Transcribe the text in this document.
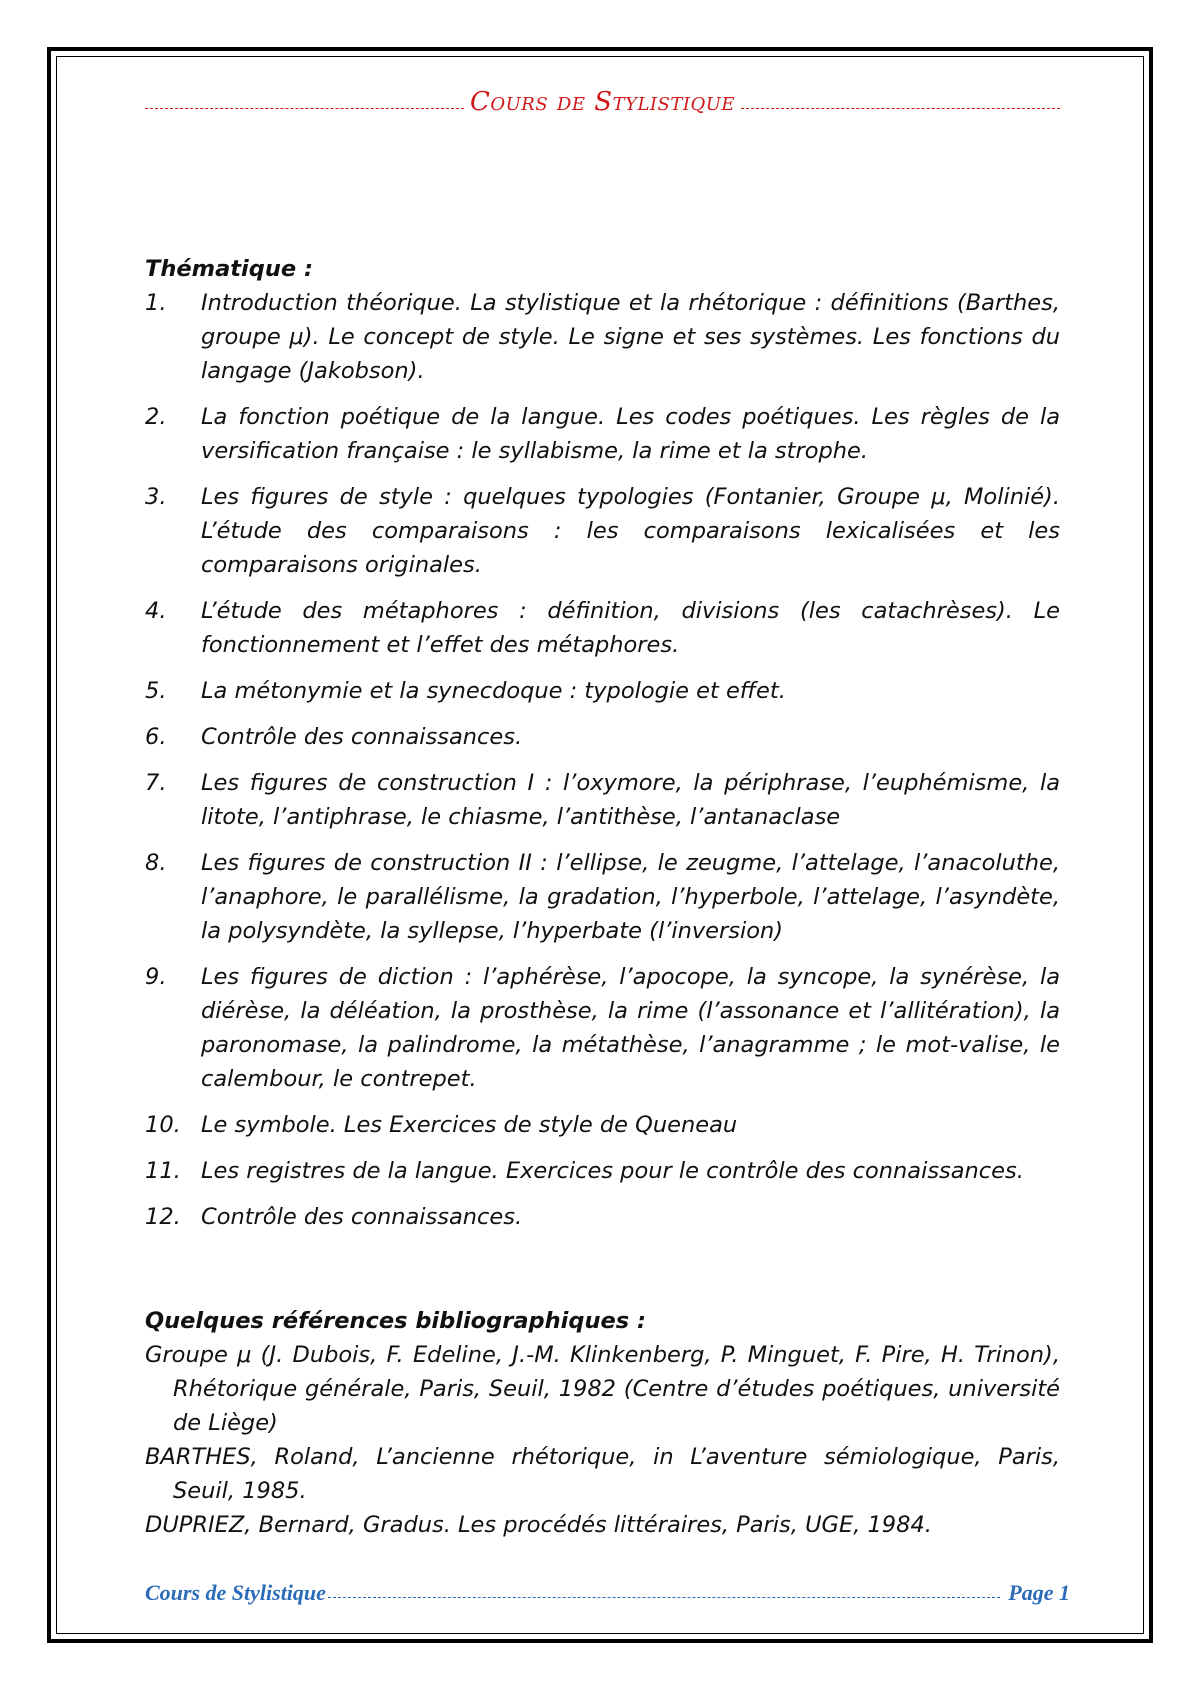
Cours de Stylistique

Thématique :

1.	Introduction théorique. La stylistique et la rhétorique : définitions (Barthes, groupe μ). Le concept de style. Le signe et ses systèmes. Les fonctions du langage (Jakobson).
2.	La fonction poétique de la langue. Les codes poétiques. Les règles de la versification française : le syllabisme, la rime et la strophe.
3.	Les figures de style : quelques typologies (Fontanier, Groupe μ, Molinié). L’étude des comparaisons : les comparaisons lexicalisées et les comparaisons originales.
4.	L’étude des métaphores : définition, divisions (les catachrèses). Le fonctionnement et l’effet des métaphores.
5.	La métonymie et la synecdoque : typologie et effet.
6.	Contrôle des connaissances.
7.	Les figures de construction I : l’oxymore, la périphrase, l’euphémisme, la litote, l’antiphrase, le chiasme, l’antithèse, l’antanaclase
8.	Les figures de construction II : l’ellipse, le zeugme, l’attelage, l’anacoluthe, l’anaphore, le parallélisme, la gradation, l’hyperbole, l’attelage, l’asyndète, la polysyndète, la syllepse, l’hyperbate (l’inversion)
9.	Les figures de diction : l’aphérèse, l’apocope, la syncope, la synérèse, la diérèse, la déléation, la prosthèse, la rime (l’assonance et l’allitération), la paronomase, la palindrome, la métathèse, l’anagramme ; le mot-valise, le calembour, le contrepet.
10. Le symbole. Les Exercices de style de Queneau
11. Les registres de la langue. Exercices pour le contrôle des connaissances.
12. Contrôle des connaissances.

Quelques références bibliographiques :

Groupe μ (J. Dubois, F. Edeline, J.-M. Klinkenberg, P. Minguet, F. Pire, H. Trinon), Rhétorique générale, Paris, Seuil, 1982 (Centre d’études poétiques, université de Liège)
BARTHES, Roland, L’ancienne rhétorique, in L’aventure sémiologique, Paris, Seuil, 1985.
DUPRIEZ, Bernard, Gradus. Les procédés littéraires, Paris, UGE, 1984.
Cours de Stylistique	Page 1
